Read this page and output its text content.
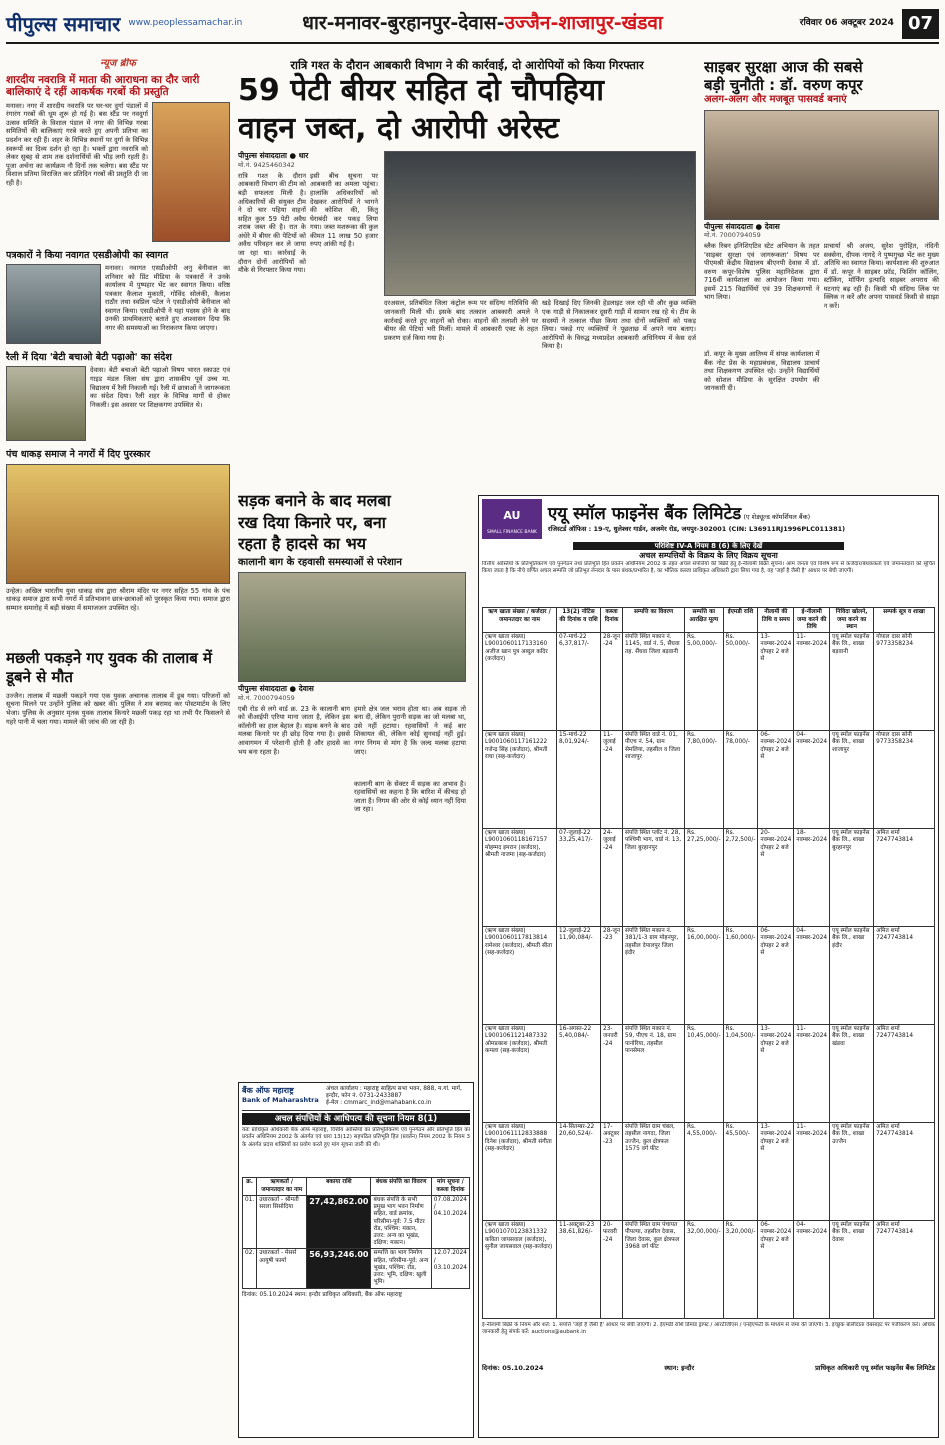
पीपुल्स समाचार www.peoplessamachar.in	धार-मनावर-बुरहानपुर-देवास-उज्जैन-शाजापुर-खंडवा	रविवार 06 अक्टूबर 2024 07
न्यूज ब्रीफ
शारदीय नवरात्रि में माता की आराधना का दौर जारी बालिकाएं दे रहीं आकर्षक गरबों की प्रस्तुति
मनावर। नगर में शारदीय नवरात्रि पर घर-घर दुर्गा पंडालों में रंगारंग गरबों की धूम शुरू हो गई है। बस स्टैंड पर नवदुर्गा उत्सव समिति के विशाल पंडाल में नगर की विभिन्न गरबा समितियों की बालिकाएं गरबे करते हुए अपनी प्रतिभा का प्रदर्शन कर रही हैं। शहर के विभिन्न स्थानों पर दुर्गा के विभिन्न स्वरूपों का दिव्य दर्शन हो रहा है। भक्तों द्वारा नवरात्रि को लेकर सुबह से शाम तक दर्शनार्थियों की भीड़ लगी रहती है। पूजा अर्चना का कार्यक्रम नौ दिनों तक चलेगा। बस स्टैंड पर विशाल प्रतिमा विराजित कर प्रतिदिन गरबों की प्रस्तुति दी जा रही है।
पत्रकारों ने किया नवागत एसडीओपी का स्वागत
मनावर। नवागत एसडीओपी अनु बेनीवाल का शनिवार को प्रिंट मीडिया के पत्रकारों ने उनके कार्यालय में पुष्पहार भेंट कर स्वागत किया। वरिष्ठ पत्रकार कैलाश मुकाती, गोविंद सोलंकी, कैलाश राठौर तथा स्वप्निल पटेल ने एसडीओपी बेनीवाल को स्वागत किया। एसडीओपी ने यहां पदस्थ होने के बाद उनकी प्राथमिकताएं बताते हुए आश्वासन दिया कि नगर की समस्याओं का निराकरण किया जाएगा।
रैली में दिया 'बेटी बचाओ बेटी पढ़ाओ' का संदेश
देवास। बेटी बचाओ बेटी पढ़ाओ विषय भारत स्काउट एवं गाइड मंडल जिला संघ द्वारा शासकीय पूर्व उच्च मा. विद्यालय में रैली निकाली गई। रैली में छात्राओं ने जागरूकता का संदेश दिया। रैली शहर के विभिन्न मार्गों से होकर निकली। इस अवसर पर शिक्षकगण उपस्थित थे।
पंच धाकड़ समाज ने नगरों में दिए पुरस्कार
उन्हेल। अखिल भारतीय युवा धाकड़ संघ द्वारा श्रीराम मंदिर पर नगर सहित 55 गांव के पंच धाकड़ समाज द्वारा सभी नगरों में प्रतिभावान छात्र-छात्राओं को पुरस्कृत किया गया। समाज द्वारा सम्मान समारोह में बड़ी संख्या में समाजजन उपस्थित रहे।
मछली पकड़ने गए युवक की तालाब में डूबने से मौत
उज्जैन। तालाब में मछली पकड़ने गया एक युवक अचानक तालाब में डूब गया। परिजनों को सूचना मिलने पर उन्होंने पुलिस को खबर की। पुलिस ने शव बरामद कर पोस्टमार्टम के लिए भेजा। पुलिस के अनुसार मृतक युवक तालाब किनारे मछली पकड़ रहा था तभी पैर फिसलने से गहरे पानी में चला गया। मामले की जांच की जा रही है।
रात्रि गश्त के दौरान आबकारी विभाग ने की कार्रवाई, दो आरोपियों को किया गिरफ्तार
59 पेटी बीयर सहित दो चौपहिया
वाहन जब्त, दो आरोपी अरेस्ट
पीपुल्स संवाददाता ● धार
मो.नं. 9425460342
रात्रि गश्त के दौरान आबकारी विभाग की टीम को बड़ी सफलता मिली है। अधिकारियों की संयुक्त टीम ने दो चार पहिया वाहनों सहित कुल 59 पेटी अवैध शराब जब्त की है। रात के अंधेरे में बीयर की पेटियों को अवैध परिवहन कर ले जाया जा रहा था। कार्रवाई के दौरान दोनों आरोपियों को मौके से गिरफ्तार किया गया।
इसी बीच सूचना पर आबकारी का अमला पहुंचा। हालांकि अधिकारियों को देखकर आरोपियों ने भागने की कोशिश की, किंतु घेराबंदी कर पकड़ लिया गया। जब्त मशरूका की कुल कीमत 11 लाख 50 हजार रुपए आंकी गई है।
दरअसल, प्रतिबंधित जिला कंट्रोल रूम पर संदिग्ध गतिविधि की जानकारी मिली थी। इसके बाद तत्काल आबकारी अमले ने कार्रवाई करते हुए वाहनों को रोका। वाहनों की तलाशी लेने पर बीयर की पेटियां भरी मिलीं। मामले में आबकारी एक्ट के तहत प्रकरण दर्ज किया गया है।
खड़े दिखाई दिए जिनकी हेडलाइट जल रही थी और कुछ व्यक्ति एक गाड़ी से निकालकर दूसरी गाड़ी में सामान रख रहे थे। टीम के सदस्यों ने तत्काल पीछा किया तथा दोनों व्यक्तियों को पकड़ लिया। पकड़े गए व्यक्तियों ने पूछताछ में अपने नाम बताए। आरोपियों के विरुद्ध मध्यप्रदेश आबकारी अधिनियम में केस दर्ज किया है।
साइबर सुरक्षा आज की सबसे
बड़ी चुनौती : डॉ. वरुण कपूर
अलग-अलग और मजबूत पासवर्ड बनाएं
पीपुल्स संवाददाता ● देवास
मो.नं. 7000794059
ब्लैक रिबन इनिशिएटिव स्टेट अभियान के तहत 'साइबर सुरक्षा एवं जागरूकता' विषय पर पीएमश्री केंद्रीय विद्यालय बीएनपी देवास में डॉ. वरुण कपूर-विशेष पुलिस महानिदेशक द्वारा 716वीं कार्यशाला का आयोजन किया गया। इसमें 215 विद्यार्थियों एवं 39 शिक्षकगणों ने भाग लिया।
डॉ. कपूर के मुख्य आतिथ्य में संपन्न कार्यशाला में बैंक नोट प्रेस के महाप्रबंधक, विद्यालय प्राचार्य तथा शिक्षकगण उपस्थित रहे। उन्होंने विद्यार्थियों को सोशल मीडिया के सुरक्षित उपयोग की जानकारी दी।
प्राचार्या श्री अजय, सुरेश पुरोहित, नंदिनी सक्सेना, दीपक नागदे ने पुष्पगुच्छ भेंट कर मुख्य अतिथि का स्वागत किया। कार्यशाला की शुरुआत में डॉ. कपूर ने साइबर फ्रॉड, फिशिंग कॉलिंग, स्टॉकिंग, मॉर्फिंग इत्यादि साइबर अपराध की घटनाएं बढ़ रही हैं। किसी भी संदिग्ध लिंक पर क्लिक न करें और अपना पासवर्ड किसी से साझा न करें।
सड़क बनाने के बाद मलबा
रख दिया किनारे पर, बना
रहता है हादसे का भय
कालानी बाग के रहवासी समस्याओं से परेशान
पीपुल्स संवाददाता ● देवास
मो.नं. 7000794059
एबी रोड से लगे वार्ड क्र. 23 के कालानी बाग को वीआईपी एरिया माना जाता है, लेकिन इस कॉलोनी का हाल बेहाल है। सड़क बनने के बाद मलबा किनारे पर ही छोड़ दिया गया है। इससे आवागमन में परेशानी होती है और हादसे का भय बना रहता है।
हमारे क्षेत्र जल भराव होता था। अब सड़क तो बना दी, लेकिन पुरानी सड़क का जो मलबा था, उसे नहीं हटाया। रहवासियों ने कई बार शिकायत की, लेकिन कोई सुनवाई नहीं हुई। नगर निगम से मांग है कि जल्द मलबा हटाया जाए।
कालानी बाग के सेक्टर में सड़क का अभाव है। रहवासियों का कहना है कि बारिश में कीचड़ हो जाता है। निगम की ओर से कोई ध्यान नहीं दिया जा रहा।
बैंक ऑफ महाराष्ट्र
Bank of Maharashtra
अंचल कार्यालय : महाराष्ट्र साहित्य सभा भवन, 888, म.गां. मार्ग, इन्दौर, फोन नं. 0731-2433887
ई-मेल : cmmarc_ind@mahabank.co.in
अचल संपत्तियों के आधिपत्य की सूचना नियम 8(1)
यतः प्राधिकृत अधिकारी बैंक ऑफ महाराष्ट्र, वित्तीय आस्तियों का प्रतिभूतिकरण एवं पुनर्गठन और प्रतिभूति हित का प्रवर्तन अधिनियम 2002 के अंतर्गत एवं धारा 13(12) सहपठित प्रतिभूति हित (प्रवर्तन) नियम 2002 के नियम 3 के अंतर्गत प्रदत्त शक्तियों का प्रयोग करते हुए मांग सूचना जारी की थी।
क्र.	ऋणकर्ता / जमानतदार का नाम	बकाया राशि	बंधक संपत्ति का विवरण	मांग सूचना / कब्जा दिनांक
01.	उधारकर्ता - श्रीमती सरला सिसोदिया	27,42,862.00	बंधक संपत्ति के सभी प्रमुख भाग भवन निर्माण सहित, वार्ड क्रमांक, परिसीमा-पूर्व: 7.5 मीटर रोड, पश्चिम: मकान, उत्तर: अन्य का भूखंड, दक्षिण: मकान।	07.08.2024 / 04.10.2024
02.	उधारकर्ता - मेसर्स आयुषी फार्मा	56,93,246.00	सम्पत्ति का भाग निर्माण सहित, परिसीमा-पूर्व: अन्य भूखंड, पश्चिम: रोड, उत्तर: भूमि, दक्षिण: खुली भूमि।	12.07.2024 / 03.10.2024
दिनांक: 05.10.2024 स्थान: इन्दौर प्राधिकृत अधिकारी, बैंक ऑफ महाराष्ट्र
AU
SMALL FINANCE BANK
एयू स्मॉल फाइनेंस बैंक लिमिटेड (ए शेड्यूल्ड कॉमर्शियल बैंक)
रजिस्टर्ड ऑफिस : 19-ए, धुलेश्वर गार्डन, अजमेर रोड, जयपुर-302001 (CIN: L36911RJ1996PLC011381)
परिशिष्ट IV-A नियम 8 (6) के लिए देखें
अचल सम्पत्तियों के विक्रय के लिए विक्रय सूचना
वित्तीय आस्तियों के प्रतिभूतिकरण एवं पुनर्गठन तथा प्रतिभूति हित प्रवर्तन अधिनियम 2002 के तहत अचल संपत्तियों की बिक्री हेतु ई-नीलामी बिक्री सूचना। आम जनता एवं विशेष रूप से कर्जदार/बंधककर्ता एवं जमानतदारों को सूचित किया जाता है कि नीचे वर्णित अचल सम्पत्ति जो प्रतिभूत लेनदार के पास बंधक/प्रभारित है, का भौतिक कब्जा प्राधिकृत अधिकारी द्वारा लिया गया है, वह 'जहाँ है जैसी है' आधार पर बेची जाएगी।
ऋण खाता संख्या / कर्जदार / जमानतदार का नाम	13(2) नोटिस की दिनांक व राशि	कब्जा दिनांक	सम्पत्ति का विवरण	सम्पत्ति का आरक्षित मूल्य	ईएमडी राशि	नीलामी की तिथि व समय	ई-नीलामी जमा करने की तिथि	निविदा खोलने, जमा करने का स्थान	सम्पर्क सूत्र व शाखा
(ऋण खाता संख्या) L9001060117133160 अजीज खान पुत्र अब्दुल कदिर (कर्जदार)	07-मार्च-22 6,37,817/-	28-जून -24	संपत्ति स्थित मकान नं. 1145, वार्ड नं. 5, सैंधवा तह. सैंधवा जिला बड़वानी	Rs. 5,00,000/-	Rs. 50,000/-	13-नवम्बर-2024 दोपहर 2 बजे से	11-नवम्बर-2024	एयू स्मॉल फाइनेंस बैंक लि., शाखा बड़वानी	गोपाल दास सोनी 9773358234
(ऋण खाता संख्या) L9001060117161222 गजेन्द्र सिंह (कर्जदार), श्रीमती राधा (सह-कर्जदार)	15-मार्च-22 8,01,924/-	11-जुलाई -24	संपत्ति स्थित वार्ड नं. 01, पीएच नं. 54, ग्राम सेमलिया, तहसील व जिला शाजापुर	Rs. 7,80,000/-	Rs. 78,000/-	06-नवम्बर-2024 दोपहर 2 बजे से	04-नवम्बर-2024	एयू स्मॉल फाइनेंस बैंक लि., शाखा शाजापुर	गोपाल दास सोनी 9773358234
(ऋण खाता संख्या) L9001060118167157 मोहम्मद इमरान (कर्जदार), श्रीमती नाजमा (सह-कर्जदार)	07-जुलाई-22 33,25,417/-	24-जुलाई -24	संपत्ति स्थित प्लॉट नं. 28, पश्चिमी भाग, वार्ड नं. 13, जिला बुरहानपुर	Rs. 27,25,000/-	Rs. 2,72,500/-	20-नवम्बर-2024 दोपहर 2 बजे से	18-नवम्बर-2024	एयू स्मॉल फाइनेंस बैंक लि., शाखा बुरहानपुर	अमित शर्मा 7247743814
(ऋण खाता संख्या) L9001060117813814 रामेश्वर (कर्जदार), श्रीमती सीता (सह-कर्जदार)	12-जुलाई-22 11,90,084/-	28-जून -23	संपत्ति स्थित मकान नं. 381/1-3 ग्राम मोहनपुर, तहसील देपालपुर जिला इंदौर	Rs. 16,00,000/-	Rs. 1,60,000/-	06-नवम्बर-2024 दोपहर 2 बजे से	04-नवम्बर-2024	एयू स्मॉल फाइनेंस बैंक लि., शाखा इंदौर	अमित शर्मा 7247743814
(ऋण खाता संख्या) L9001061121487332 ओमप्रकाश (कर्जदार), श्रीमती कमला (सह-कर्जदार)	16-अगस्त-22 5,40,084/-	23-जनवरी -24	संपत्ति स्थित मकान नं. 59, पीएच नं. 18, ग्राम पानोरिया, तहसील पानसेमल	Rs. 10,45,000/-	Rs. 1,04,500/-	13-नवम्बर-2024 दोपहर 2 बजे से	11-नवम्बर-2024	एयू स्मॉल फाइनेंस बैंक लि., शाखा खंडवा	अमित शर्मा 7247743814
(ऋण खाता संख्या) L9001061112833888 दिनेश (कर्जदार), श्रीमती संगीता (सह-कर्जदार)	14-सितम्बर-22 20,60,524/-	17-अक्टूबर -23	संपत्ति स्थित ग्राम चंबल, तहसील नागदा, जिला उज्जैन, कुल क्षेत्रफल 1575 वर्ग फीट	Rs. 4,55,000/-	Rs. 45,500/-	13-नवम्बर-2024 दोपहर 2 बजे से	11-नवम्बर-2024	एयू स्मॉल फाइनेंस बैंक लि., शाखा उज्जैन	अमित शर्मा 7247743814
(ऋण खाता संख्या) L9001070123831332 कविता जायसवाल (कर्जदार), सुनील जायसवाल (सह-कर्जदार)	11-अक्टूबर-23 38,61,826/-	20-फरवरी -24	संपत्ति स्थित ग्राम पंचायत पीपल्या, तहसील देवास, जिला देवास, कुल क्षेत्रफल 3968 वर्ग फीट	Rs. 32,00,000/-	Rs. 3,20,000/-	06-नवम्बर-2024 दोपहर 2 बजे से	04-नवम्बर-2024	एयू स्मॉल फाइनेंस बैंक लि., शाखा देवास	अमित शर्मा 7247743814
ई-नीलामी बिक्री के नियम और शर्तें: 1. संपत्ति 'जहाँ है जैसी है' आधार पर बेची जाएगी। 2. ईएमडी राशि डिमांड ड्राफ्ट / आरटीजीएस / एनईएफटी के माध्यम से जमा की जाएगी। 3. इच्छुक बोलीदाता वेबसाइट पर पंजीकरण करें। अधिक जानकारी हेतु संपर्क करें: auctions@aubank.in
दिनांक: 05.10.2024	स्थान: इन्दौर	प्राधिकृत अधिकारी एयू स्मॉल फाइनेंस बैंक लिमिटेड
